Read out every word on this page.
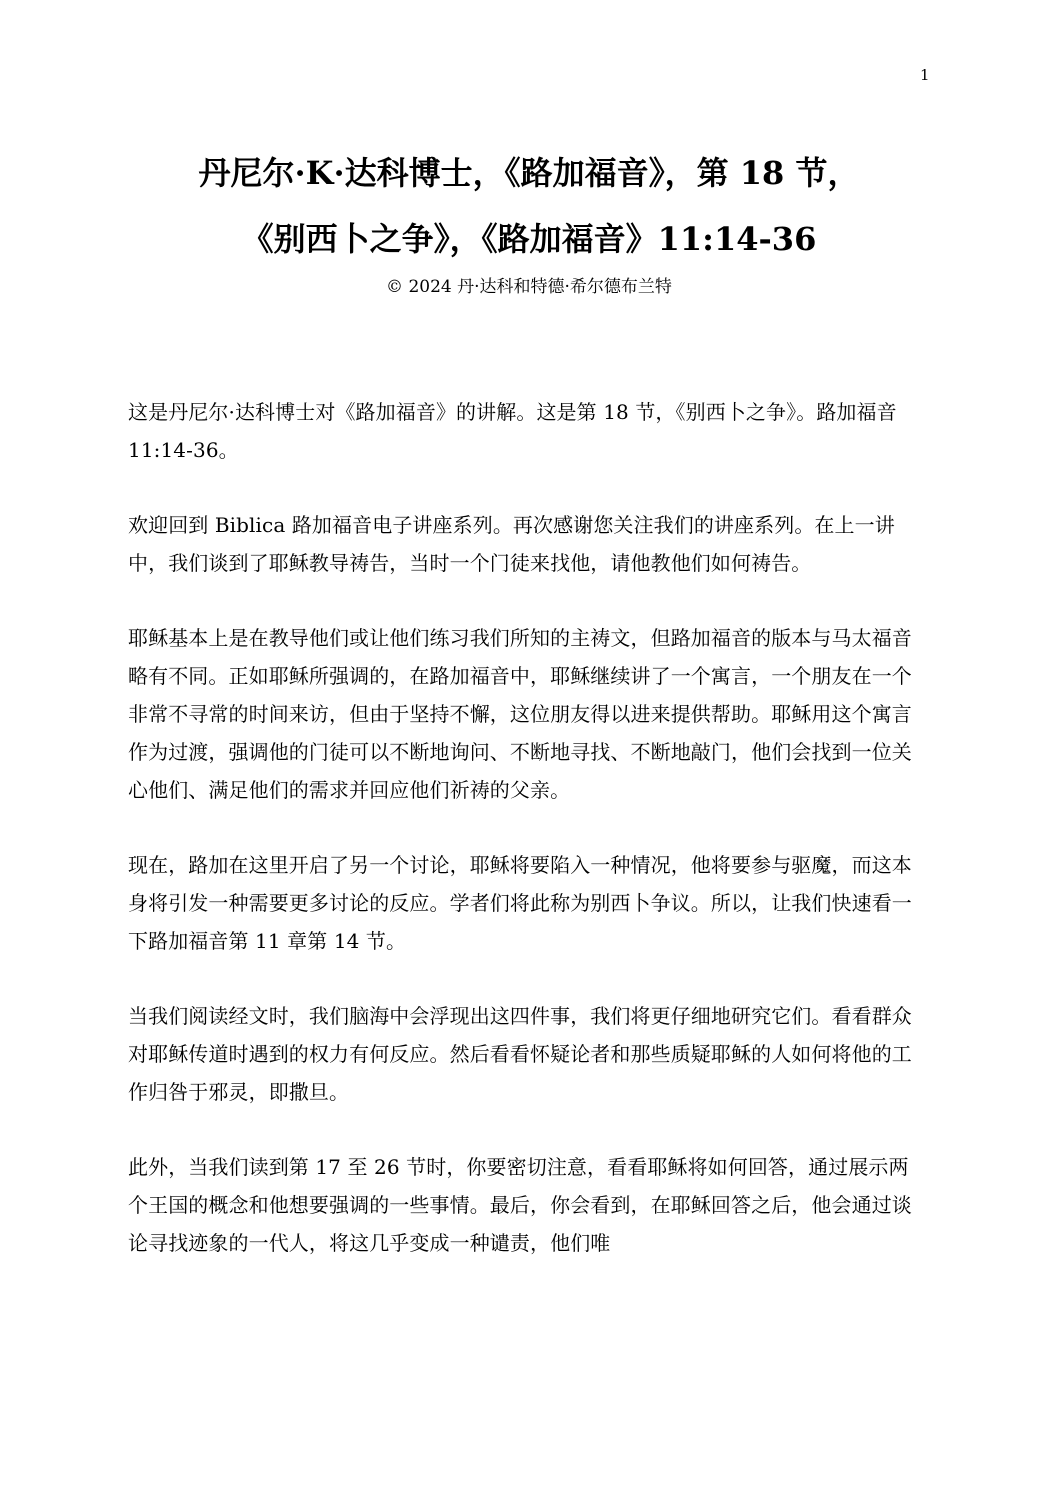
1
丹尼尔·K·达科博士，《路加福音》，第 18 节，
《别西卜之争》，《路加福音》11:14-36
© 2024 丹·达科和特德·希尔德布兰特

这是丹尼尔·达科博士对《路加福音》的讲解。这是第 18 节，《别西卜之争》。路加福音 11:14-36。

欢迎回到 Biblica 路加福音电子讲座系列。再次感谢您关注我们的讲座系列。在上一讲中，我们谈到了耶稣教导祷告，当时一个门徒来找他，请他教他们如何祷告。

耶稣基本上是在教导他们或让他们练习我们所知的主祷文，但路加福音的版本与马太福音略有不同。正如耶稣所强调的，在路加福音中，耶稣继续讲了一个寓言，一个朋友在一个非常不寻常的时间来访，但由于坚持不懈，这位朋友得以进来提供帮助。耶稣用这个寓言作为过渡，强调他的门徒可以不断地询问、不断地寻找、不断地敲门，他们会找到一位关心他们、满足他们的需求并回应他们祈祷的父亲。

现在，路加在这里开启了另一个讨论，耶稣将要陷入一种情况，他将要参与驱魔，而这本身将引发一种需要更多讨论的反应。学者们将此称为别西卜争议。所以，让我们快速看一下路加福音第 11 章第 14 节。

当我们阅读经文时，我们脑海中会浮现出这四件事，我们将更仔细地研究它们。看看群众对耶稣传道时遇到的权力有何反应。然后看看怀疑论者和那些质疑耶稣的人如何将他的工作归咎于邪灵，即撒旦。

此外，当我们读到第 17 至 26 节时，你要密切注意，看看耶稣将如何回答，通过展示两个王国的概念和他想要强调的一些事情。最后，你会看到，在耶稣回答之后，他会通过谈论寻找迹象的一代人，将这几乎变成一种谴责，他们唯
